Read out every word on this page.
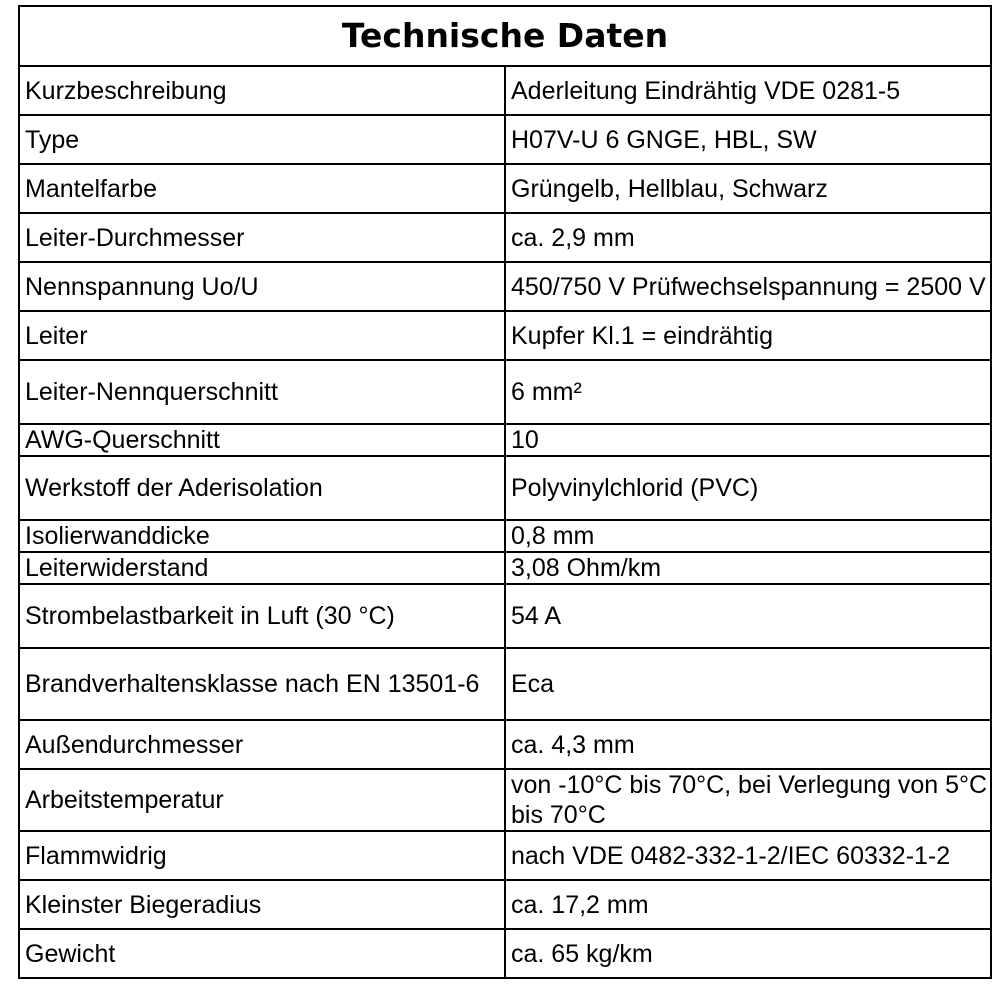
Technische Daten	
Kurzbeschreibung	Aderleitung Eindrähtig VDE 0281-5
Type	H07V-U 6 GNGE, HBL, SW
Mantelfarbe	Grüngelb, Hellblau, Schwarz
Leiter-Durchmesser	ca. 2,9 mm
Nennspannung Uo/U	450/750 V Prüfwechselspannung = 2500 V
Leiter	Kupfer Kl.1 = eindrähtig

Leiter-Nennquerschnitt	6 mm²
AWG-Querschnitt	10

Werkstoff der Aderisolation	Polyvinylchlorid (PVC)
Isolierwanddicke	0,8 mm
Leiterwiderstand	3,08 Ohm/km

Strombelastbarkeit in Luft (30 °C)	54 A

Brandverhaltensklasse nach EN 13501-6	Eca
Außendurchmesser	ca. 4,3 mm
Arbeitstemperatur	von -10°C bis 70°C, bei Verlegung von 5°C bis 70°C
Flammwidrig	nach VDE 0482-332-1-2/IEC 60332-1-2
Kleinster Biegeradius	ca. 17,2 mm
Gewicht	ca. 65 kg/km
